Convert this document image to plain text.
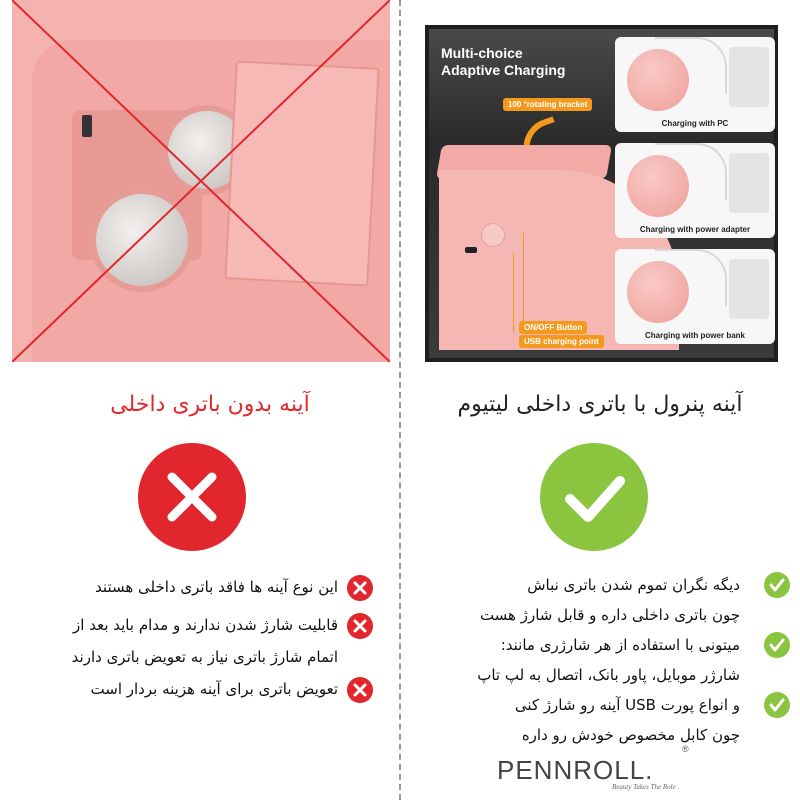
Multi-choice
Adaptive Charging
100 °rotating bracket
ON/OFF Button
USB charging point
Charging with PC
Charging with power adapter
Charging with power bank
آینه بدون باتری داخلی	آینه پنرول با باتری داخلی لیتیوم
این نوع آینه ها فاقد باتری داخلی هستند
قابلیت شارژ شدن ندارند و مدام باید بعد از
اتمام شارژ باتری نیاز به تعویض باتری دارند
تعویض باتری برای آینه هزینه بردار است
دیگه نگران تموم شدن باتری نباش
چون باتری داخلی داره و قابل شارژ هست
میتونی با استفاده از هر شارژری مانند:
شارژر موبایل، پاور بانک، اتصال به لپ تاپ
و انواع پورت USB آینه رو شارژ کنی
چون کابل مخصوص خودش رو داره
PENNROLL.
®
Beauty Takes The Role .
